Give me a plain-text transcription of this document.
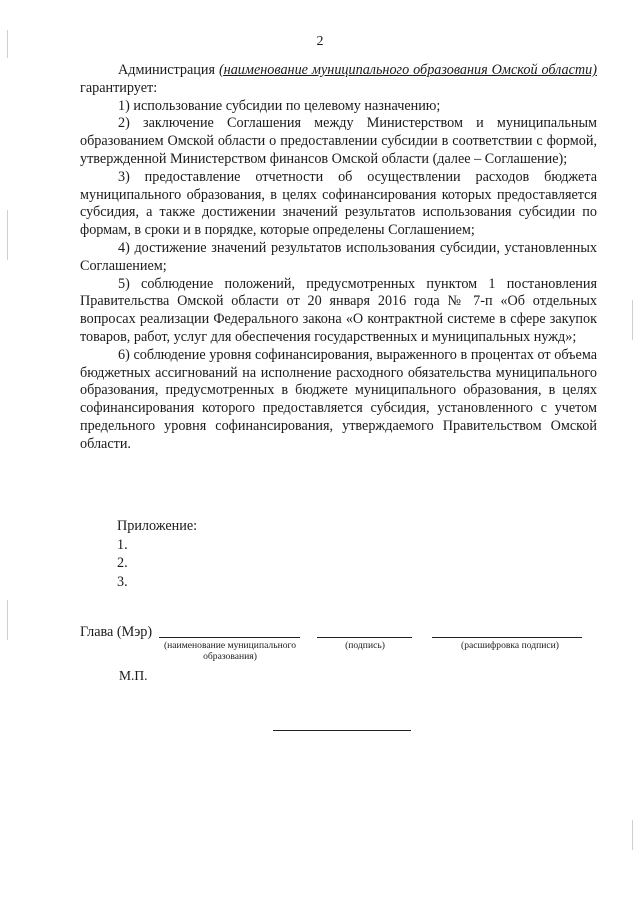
2

Администрация (наименование муниципального образования Омской области) гарантирует:

1) использование субсидии по целевому назначению;

2) заключение Соглашения между Министерством и муниципальным образованием Омской области о предоставлении субсидии в соответствии с формой, утвержденной Министерством финансов Омской области (далее – Соглашение);

3) предоставление отчетности об осуществлении расходов бюджета муниципального образования, в целях софинансирования которых предоставляется субсидия, а также достижении значений результатов использования субсидии по формам, в сроки и в порядке, которые определены Соглашением;

4) достижение значений результатов использования субсидии, установленных Соглашением;

5) соблюдение положений, предусмотренных пунктом 1 постановления Правительства Омской области от 20 января 2016 года № 7-п «Об отдельных вопросах реализации Федерального закона «О контрактной системе в сфере закупок товаров, работ, услуг для обеспечения государственных и муниципальных нужд»;

6) соблюдение уровня софинансирования, выраженного в процентах от объема бюджетных ассигнований на исполнение расходного обязательства муниципального образования, предусмотренных в бюджете муниципального образования, в целях софинансирования которого предоставляется субсидия, установленного с учетом предельного уровня софинансирования, утверждаемого Правительством Омской области.

Приложение:
1.
2.
3.
Глава (Мэр)
(наименование муниципального образования)
(подпись)	(расшифровка подписи)
М.П.
